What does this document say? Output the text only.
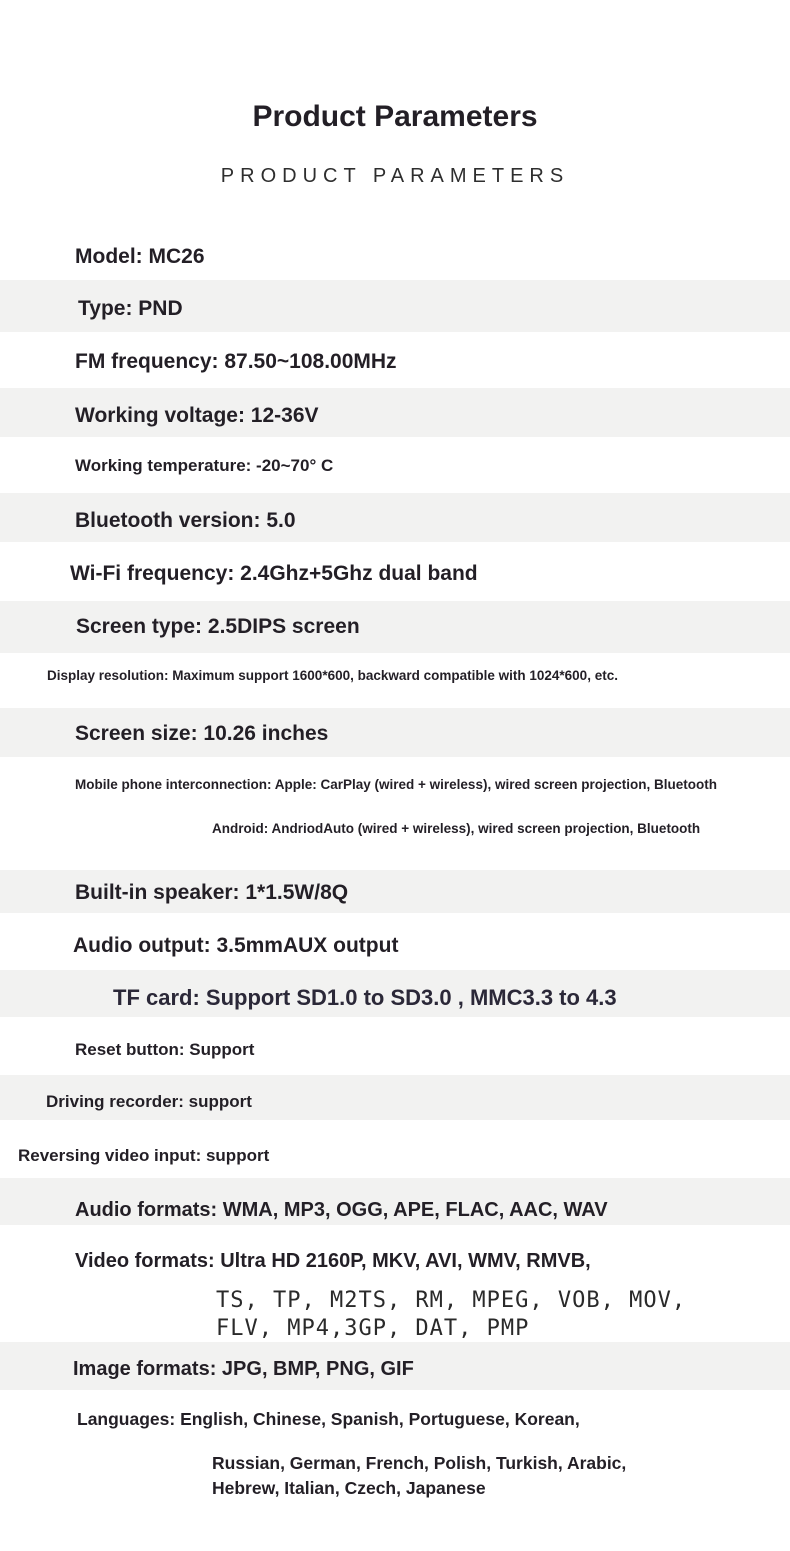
Product Parameters
PRODUCT PARAMETERS
Model: MC26
Type: PND
FM frequency: 87.50~108.00MHz
Working voltage: 12-36V
Working temperature: -20~70° C
Bluetooth version: 5.0
Wi-Fi frequency: 2.4Ghz+5Ghz dual band
Screen type: 2.5DIPS screen
Display resolution: Maximum support 1600*600, backward compatible with 1024*600, etc.
Screen size: 10.26 inches
Mobile phone interconnection: Apple: CarPlay (wired + wireless), wired screen projection, Bluetooth
Android: AndriodAuto (wired + wireless), wired screen projection, Bluetooth
Built-in speaker: 1*1.5W/8Q
Audio output: 3.5mmAUX output
TF card: Support SD1.0 to SD3.0 , MMC3.3 to 4.3
Reset button: Support
Driving recorder: support
Reversing video input: support
Audio formats: WMA, MP3, OGG, APE, FLAC, AAC, WAV
Video formats: Ultra HD 2160P, MKV, AVI, WMV, RMVB,
TS, TP, M2TS, RM, MPEG, VOB, MOV,
FLV, MP4,3GP, DAT, PMP
Image formats: JPG, BMP, PNG, GIF
Languages: English, Chinese, Spanish, Portuguese, Korean,
Russian, German, French, Polish, Turkish, Arabic,
Hebrew, Italian, Czech, Japanese
